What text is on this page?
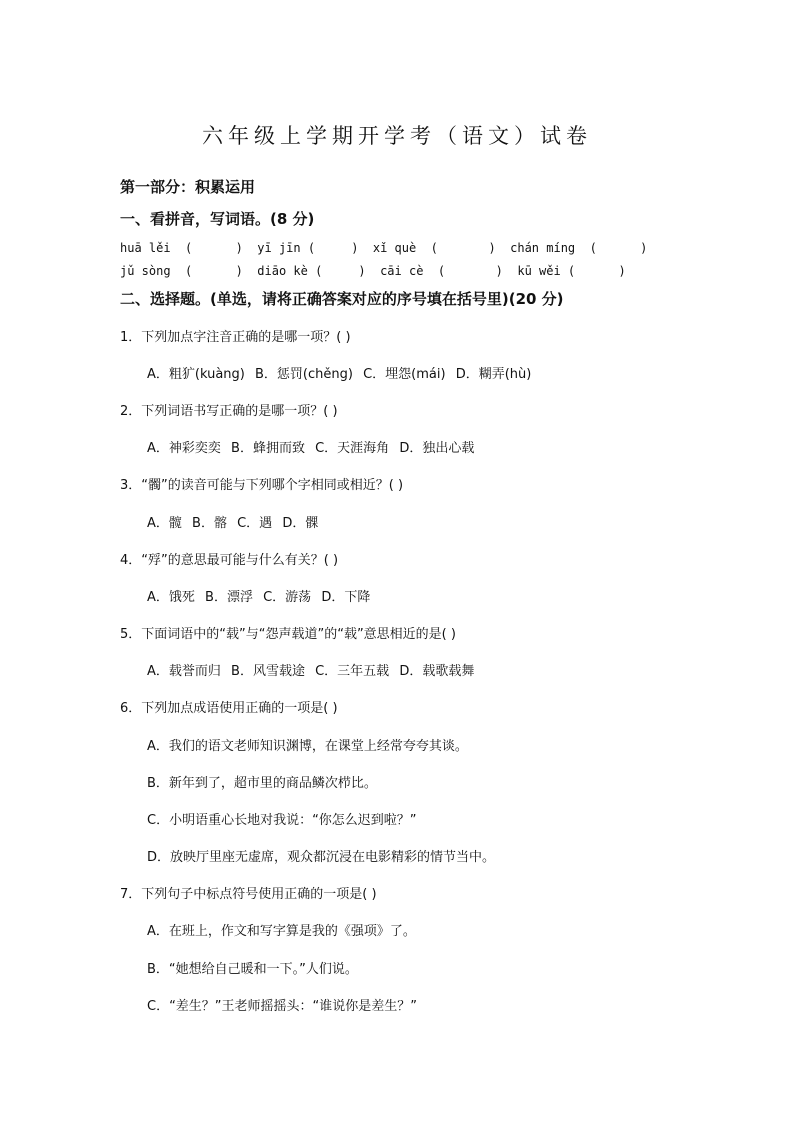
六年级上学期开学考（语文）试卷
第一部分：积累运用
一、看拼音，写词语。(8 分)
huā lěi  (      )  yī jīn (     )  xǐ què  (       )  chán míng  (      )
jǔ sòng  (      )  diāo kè (     )  cāi cè  (       )  kū wěi (      )
二、选择题。(单选，请将正确答案对应的序号填在括号里)(20 分)
1．下列加点字注音正确的是哪一项？( )
A．粗犷(kuàng) B．惩罚(chěng) C．埋怨(mái) D．糊弄(hù)
2．下列词语书写正确的是哪一项？( )
A．神彩奕奕 B．蜂拥而致 C．天涯海角 D．独出心载
3．“髑”的读音可能与下列哪个字相同或相近？( )
A．髋 B．髂 C．遇 D．髁
4．“殍”的意思最可能与什么有关？( )
A．饿死 B．漂浮 C．游荡 D．下降
5．下面词语中的“载”与“怨声载道”的“载”意思相近的是( )
A．载誉而归 B．风雪载途 C．三年五载 D．载歌载舞
6．下列加点成语使用正确的一项是( )
A．我们的语文老师知识渊博，在课堂上经常夸夸其谈。
B．新年到了，超市里的商品鳞次栉比。
C．小明语重心长地对我说：“你怎么迟到啦？”
D．放映厅里座无虚席，观众都沉浸在电影精彩的情节当中。
7．下列句子中标点符号使用正确的一项是( )
A．在班上，作文和写字算是我的《强项》了。
B．“她想给自己暖和一下。”人们说。
C．“差生？”王老师摇摇头：“谁说你是差生？”
